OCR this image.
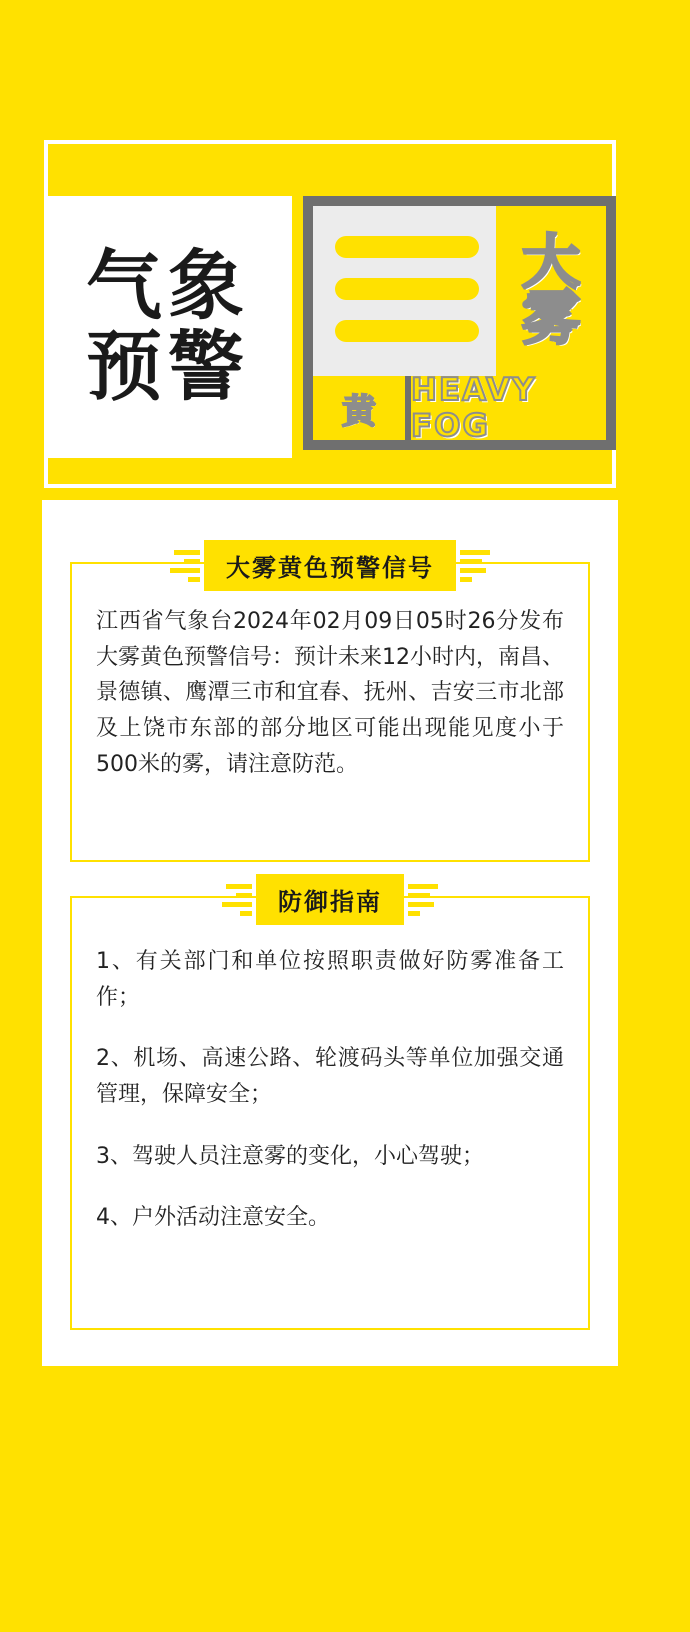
气象
预警
大
雾
黄
HEAVY FOG
大雾黄色预警信号
江西省气象台2024年02月09日05时26分发布大雾黄色预警信号：预计未来12小时内，南昌、景德镇、鹰潭三市和宜春、抚州、吉安三市北部及上饶市东部的部分地区可能出现能见度小于500米的雾，请注意防范。
防御指南
1、有关部门和单位按照职责做好防雾准备工作；
2、机场、高速公路、轮渡码头等单位加强交通管理，保障安全；
3、驾驶人员注意雾的变化，小心驾驶；
4、户外活动注意安全。
